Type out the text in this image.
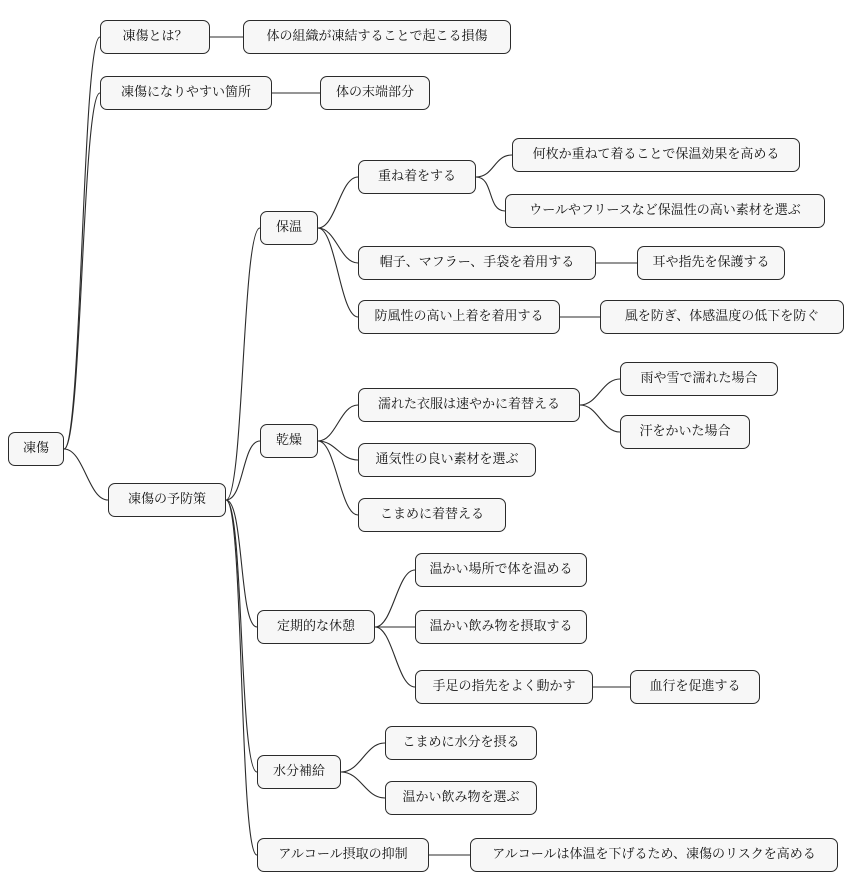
凍傷
凍傷とは？	体の組織が凍結することで起こる損傷
凍傷になりやすい箇所	体の末端部分
凍傷の予防策
保温
重ね着をする
何枚か重ねて着ることで保温効果を高める
ウールやフリースなど保温性の高い素材を選ぶ
帽子、マフラー、手袋を着用する	耳や指先を保護する
防風性の高い上着を着用する	風を防ぎ、体感温度の低下を防ぐ
乾燥
濡れた衣服は速やかに着替える
雨や雪で濡れた場合
汗をかいた場合
通気性の良い素材を選ぶ
こまめに着替える
定期的な休憩
温かい場所で体を温める
温かい飲み物を摂取する
手足の指先をよく動かす	血行を促進する
水分補給
こまめに水分を摂る
温かい飲み物を選ぶ
アルコール摂取の抑制	アルコールは体温を下げるため、凍傷のリスクを高める
